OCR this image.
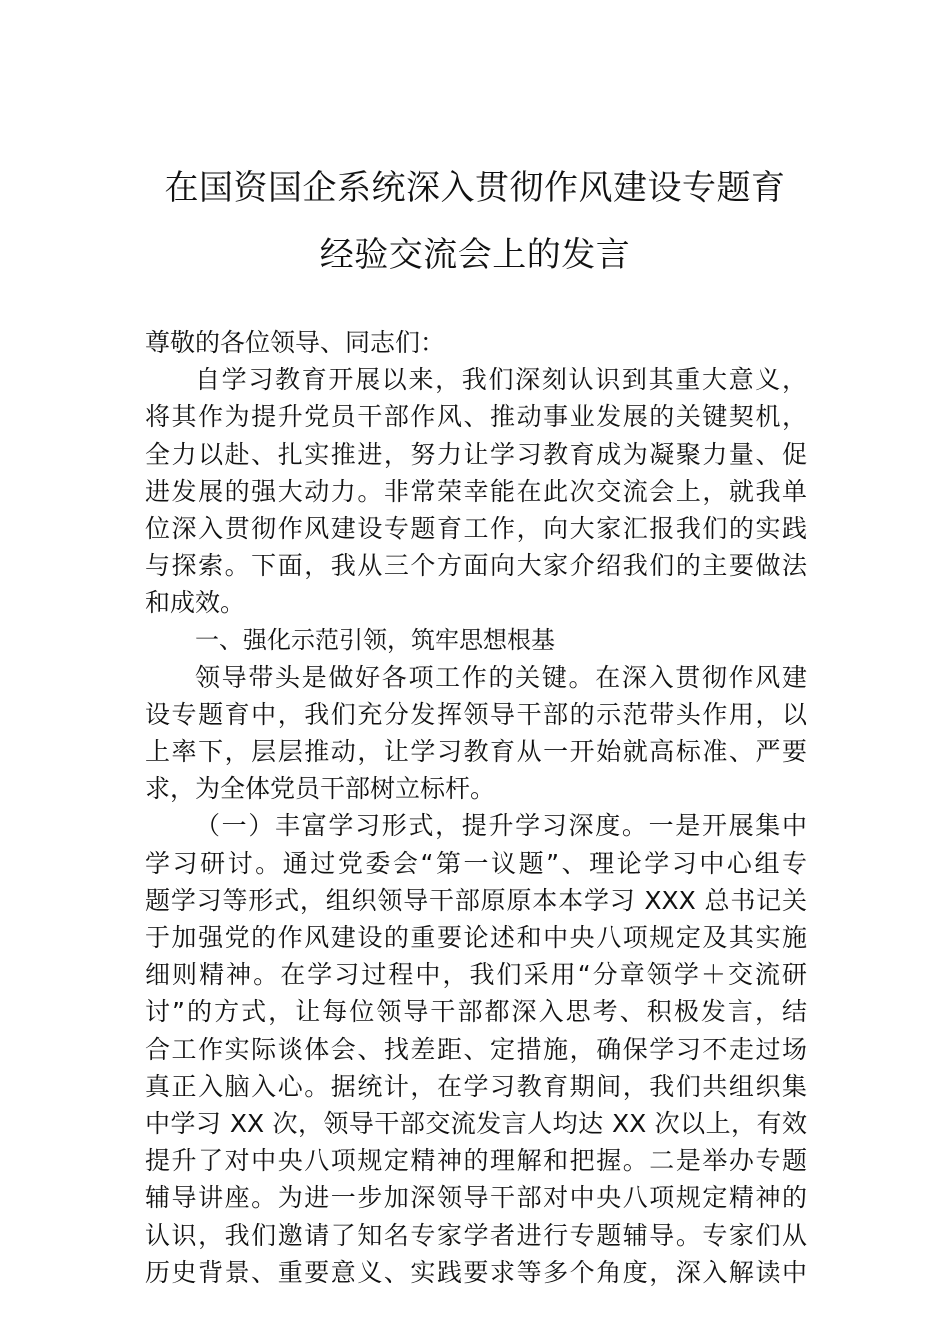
在国资国企系统深入贯彻作风建设专题育
经验交流会上的发言
尊敬的各位领导、同志们：
自学习教育开展以来，我们深刻认识到其重大意义，
将其作为提升党员干部作风、推动事业发展的关键契机，
全力以赴、扎实推进，努力让学习教育成为凝聚力量、促
进发展的强大动力。非常荣幸能在此次交流会上，就我单
位深入贯彻作风建设专题育工作，向大家汇报我们的实践
与探索。下面，我从三个方面向大家介绍我们的主要做法
和成效。
一、强化示范引领，筑牢思想根基
领导带头是做好各项工作的关键。在深入贯彻作风建
设专题育中，我们充分发挥领导干部的示范带头作用，以
上率下，层层推动，让学习教育从一开始就高标准、严要
求，为全体党员干部树立标杆。
（一）丰富学习形式，提升学习深度。一是开展集中
学习研讨。通过党委会“第一议题”、理论学习中心组专
题学习等形式，组织领导干部原原本本学习 XXX 总书记关
于加强党的作风建设的重要论述和中央八项规定及其实施
细则精神。在学习过程中，我们采用“分章领学＋交流研
讨”的方式，让每位领导干部都深入思考、积极发言，结
合工作实际谈体会、找差距、定措施，确保学习不走过场
真正入脑入心。据统计，在学习教育期间，我们共组织集
中学习 XX 次，领导干部交流发言人均达 XX 次以上，有效
提升了对中央八项规定精神的理解和把握。二是举办专题
辅导讲座。为进一步加深领导干部对中央八项规定精神的
认识，我们邀请了知名专家学者进行专题辅导。专家们从
历史背景、重要意义、实践要求等多个角度，深入解读中
